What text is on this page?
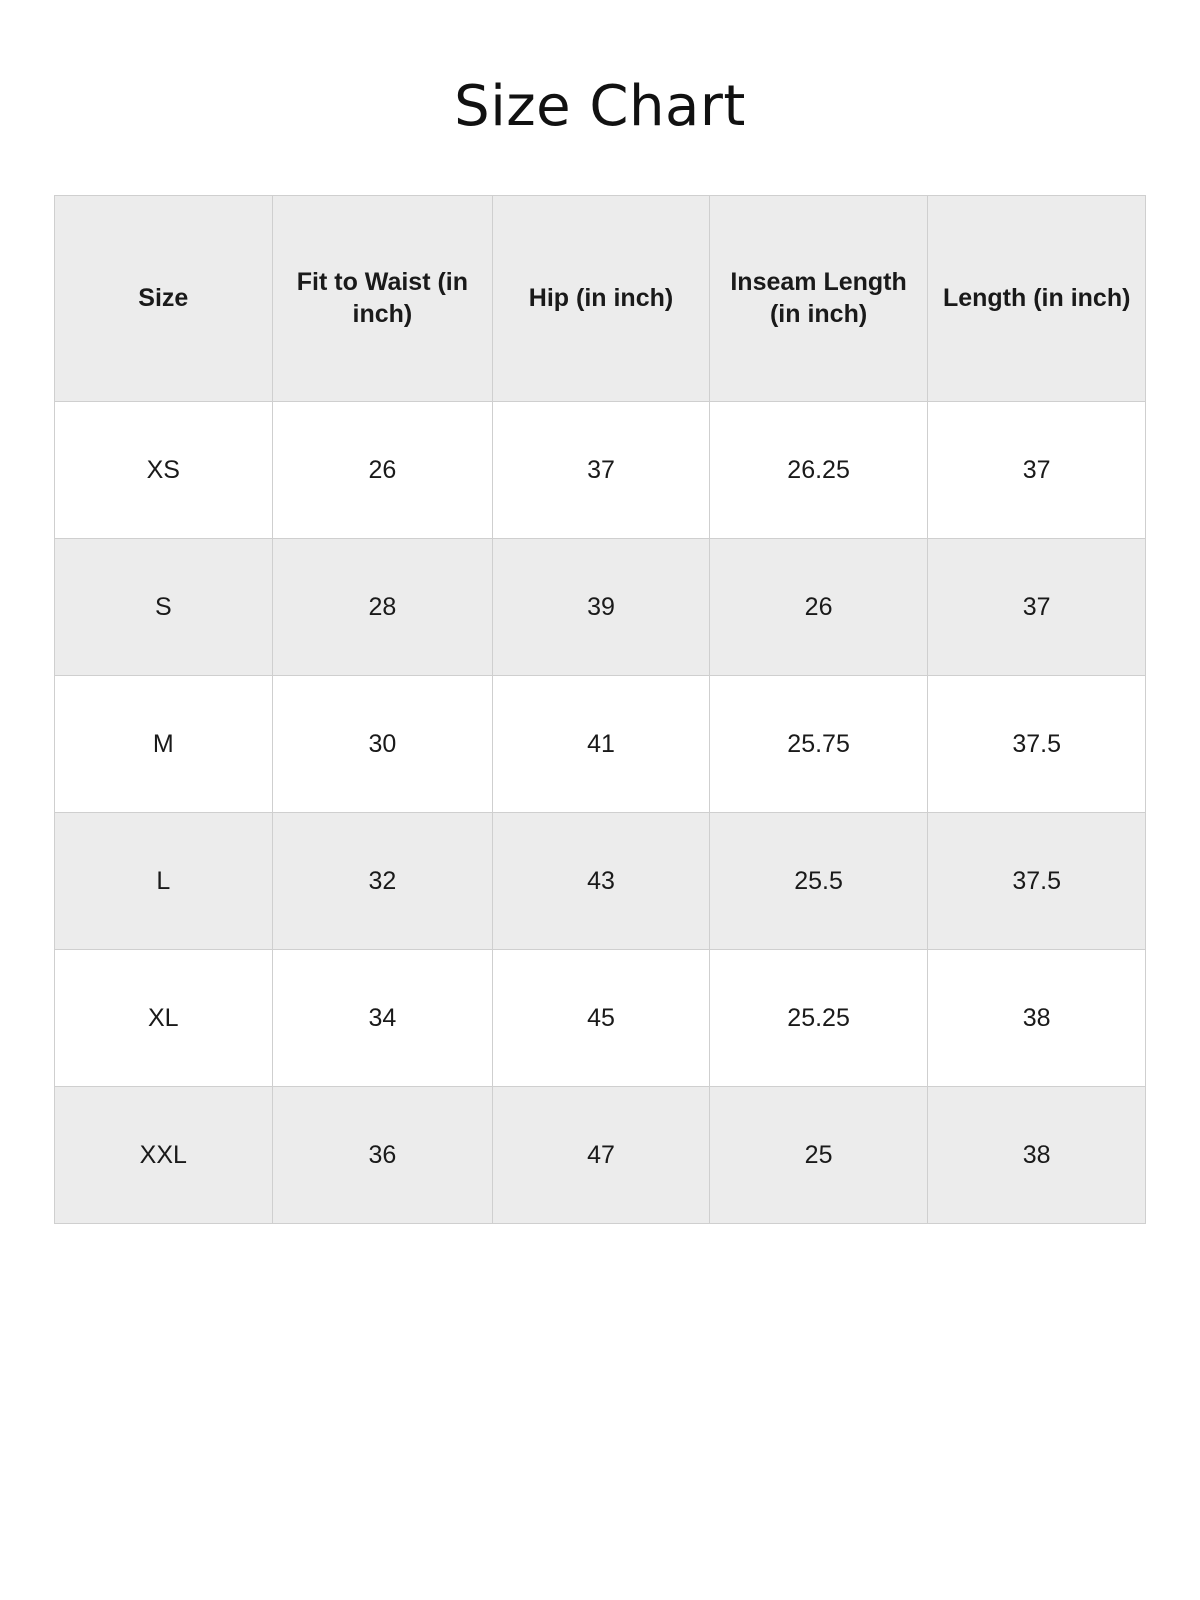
Size Chart
Size	Fit to Waist (in inch)	Hip (in inch)	Inseam Length (in inch)	Length (in inch)
XS	26	37	26.25	37
S	28	39	26	37
M	30	41	25.75	37.5
L	32	43	25.5	37.5
XL	34	45	25.25	38
XXL	36	47	25	38
